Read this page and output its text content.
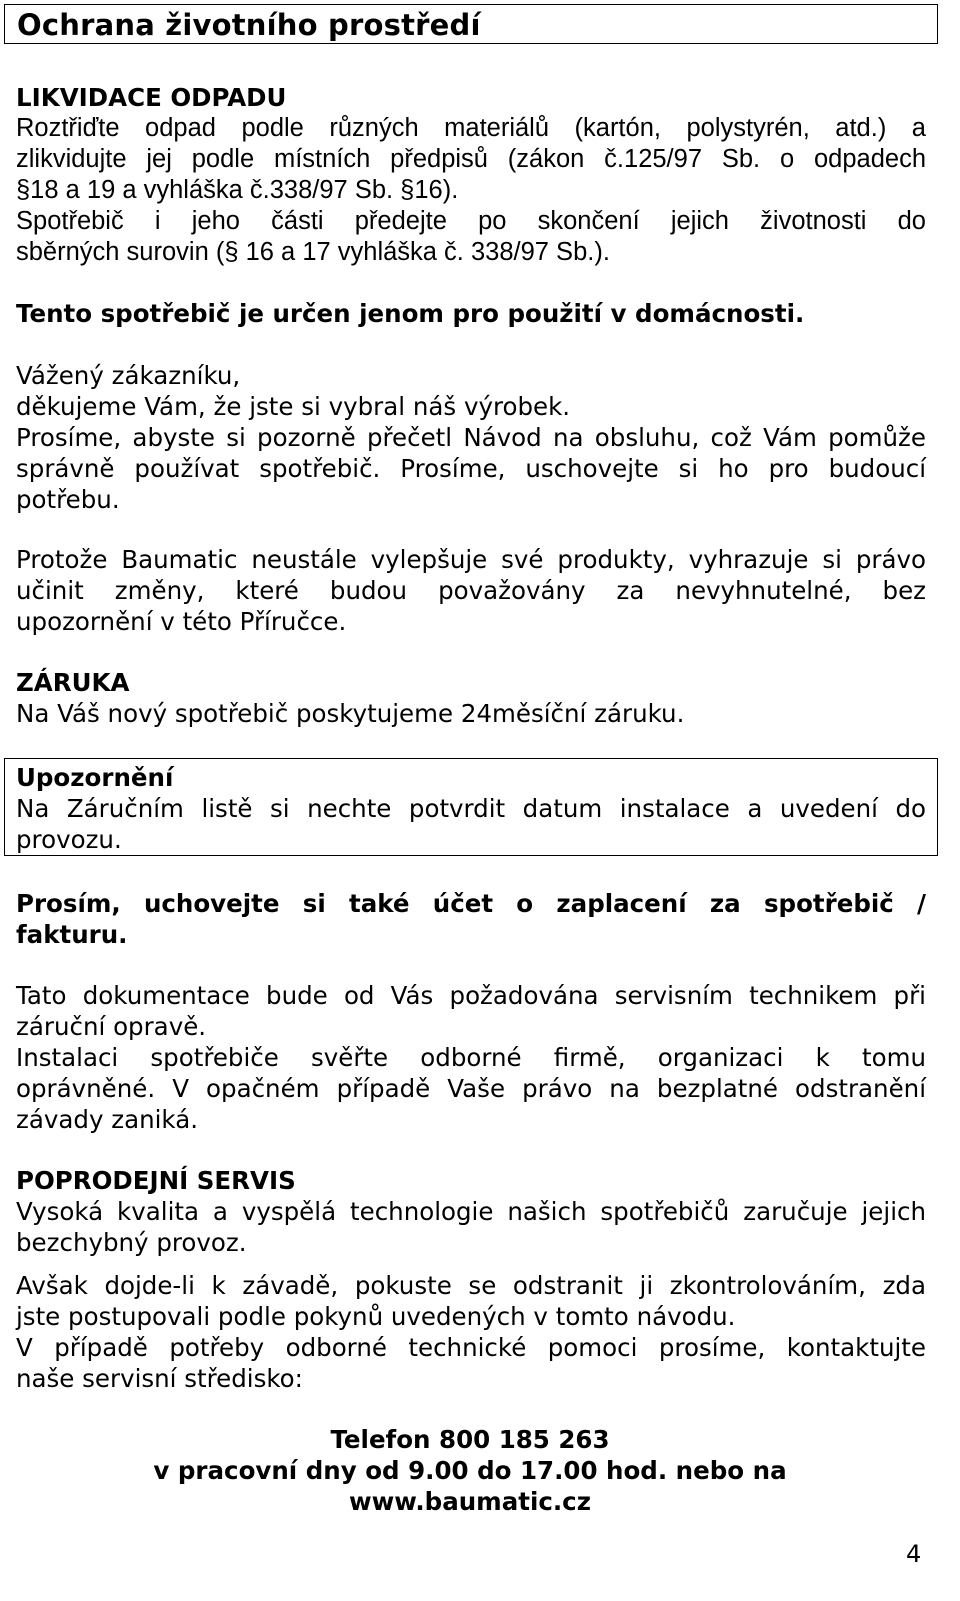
Ochrana životního prostředí
LIKVIDACE ODPADU
Roztřiďte odpad podle různých materiálů (kartón, polystyrén, atd.) a
zlikvidujte jej podle místních předpisů (zákon č.125/97 Sb. o odpadech
§18 a 19 a vyhláška č.338/97 Sb. §16).
Spotřebič i jeho části předejte po skončení jejich životnosti do
sběrných surovin (§ 16 a 17 vyhláška č. 338/97 Sb.).
Tento spotřebič je určen jenom pro použití v domácnosti.
Vážený zákazníku,
děkujeme Vám, že jste si vybral náš výrobek.
Prosíme, abyste si pozorně přečetl Návod na obsluhu, což Vám pomůže
správně používat spotřebič. Prosíme, uschovejte si ho pro budoucí
potřebu.
Protože Baumatic neustále vylepšuje své produkty, vyhrazuje si právo
učinit změny, které budou považovány za nevyhnutelné, bez
upozornění v této Příručce.
ZÁRUKA
Na Váš nový spotřebič poskytujeme 24měsíční záruku.
Upozornění
Na Záručním listě si nechte potvrdit datum instalace a uvedení do
provozu.
Prosím, uchovejte si také účet o zaplacení za spotřebič /
fakturu.
Tato dokumentace bude od Vás požadována servisním technikem při
záruční opravě.
Instalaci spotřebiče svěřte odborné firmě, organizaci k tomu
oprávněné. V opačném případě Vaše právo na bezplatné odstranění
závady zaniká.
POPRODEJNÍ SERVIS
Vysoká kvalita a vyspělá technologie našich spotřebičů zaručuje jejich
bezchybný provoz.
Avšak dojde-li k závadě, pokuste se odstranit ji zkontrolováním, zda
jste postupovali podle pokynů uvedených v tomto návodu.
V případě potřeby odborné technické pomoci prosíme, kontaktujte
naše servisní středisko:
Telefon 800 185 263
v pracovní dny od 9.00 do 17.00 hod. nebo na
www.baumatic.cz
4
